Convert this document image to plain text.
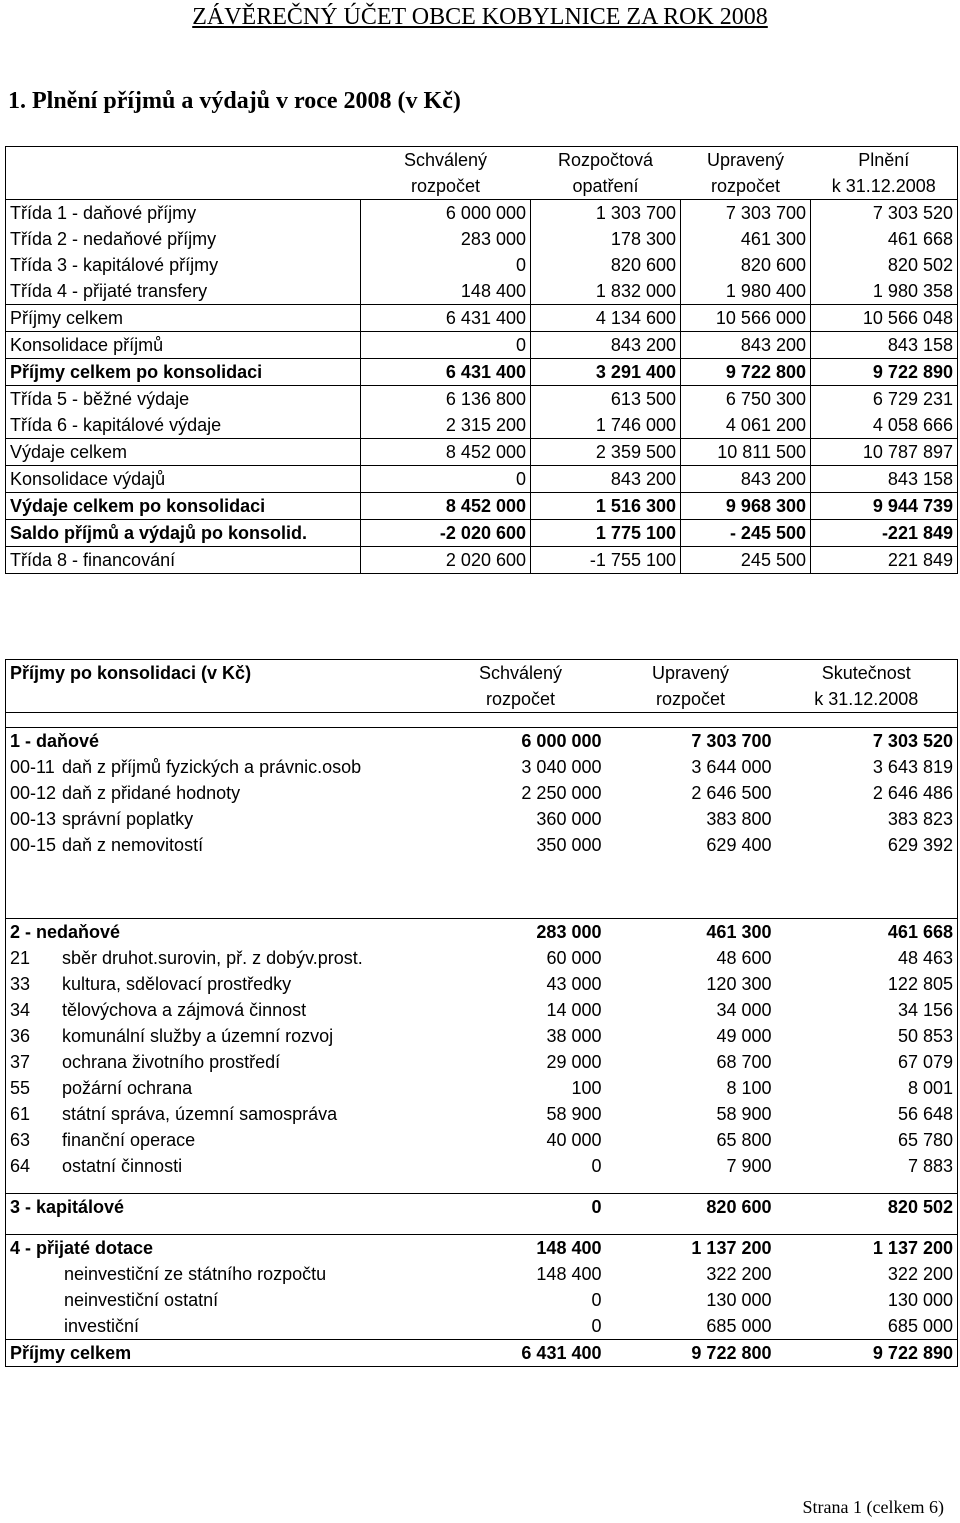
ZÁVĚREČNÝ ÚČET OBCE KOBYLNICE ZA ROK 2008
1. Plnění příjmů a výdajů v roce 2008 (v Kč)
	Schválený	Rozpočtová	Upravený	Plnění
	rozpočet	opatření	rozpočet	k 31.12.2008
Třída 1 - daňové příjmy	6 000 000	1 303 700	7 303 700	7 303 520
Třída 2 - nedaňové příjmy	283 000	178 300	461 300	461 668
Třída 3 - kapitálové příjmy	0	820 600	820 600	820 502
Třída 4 - přijaté transfery	148 400	1 832 000	1 980 400	1 980 358
Příjmy celkem	6 431 400	4 134 600	10 566 000	10 566 048
Konsolidace příjmů	0	843 200	843 200	843 158
Příjmy celkem po konsolidaci	6 431 400	3 291 400	9 722 800	9 722 890
Třída 5 - běžné výdaje	6 136 800	613 500	6 750 300	6 729 231
Třída 6 - kapitálové výdaje	2 315 200	1 746 000	4 061 200	4 058 666
Výdaje celkem	8 452 000	2 359 500	10 811 500	10 787 897
Konsolidace výdajů	0	843 200	843 200	843 158
Výdaje celkem po konsolidaci	8 452 000	1 516 300	9 968 300	9 944 739
Saldo příjmů a výdajů po konsolid.	-2 020 600	1 775 100	- 245 500	-221 849
Třída 8 - financování	2 020 600	-1 755 100	245 500	221 849
Příjmy po konsolidaci (v Kč)	Schválený	Upravený	Skutečnost
	rozpočet	rozpočet	k 31.12.2008

1 - daňové	6 000 000	7 303 700	7 303 520
00-11 daň z příjmů fyzických a právnic.osob	3 040 000	3 644 000	3 643 819
00-12 daň z přidané hodnoty	2 250 000	2 646 500	2 646 486
00-13 správní poplatky	360 000	383 800	383 823
00-15 daň z nemovitostí	350 000	629 400	629 392

2 - nedaňové	283 000	461 300	461 668
21 sběr druhot.surovin, př. z dobýv.prost.	60 000	48 600	48 463
33 kultura, sdělovací prostředky	43 000	120 300	122 805
34 tělovýchova a zájmová činnost	14 000	34 000	34 156
36 komunální služby a územní rozvoj	38 000	49 000	50 853
37 ochrana životního prostředí	29 000	68 700	67 079
55 požární ochrana	100	8 100	8 001
61 státní správa, územní samospráva	58 900	58 900	56 648
63 finanční operace	40 000	65 800	65 780
64 ostatní činnosti	0	7 900	7 883

3 - kapitálové	0	820 600	820 502

4 - přijaté dotace	148 400	1 137 200	1 137 200
neinvestiční ze státního rozpočtu	148 400	322 200	322 200
neinvestiční ostatní	0	130 000	130 000
investiční	0	685 000	685 000
Příjmy celkem	6 431 400	9 722 800	9 722 890
Strana 1 (celkem 6)
